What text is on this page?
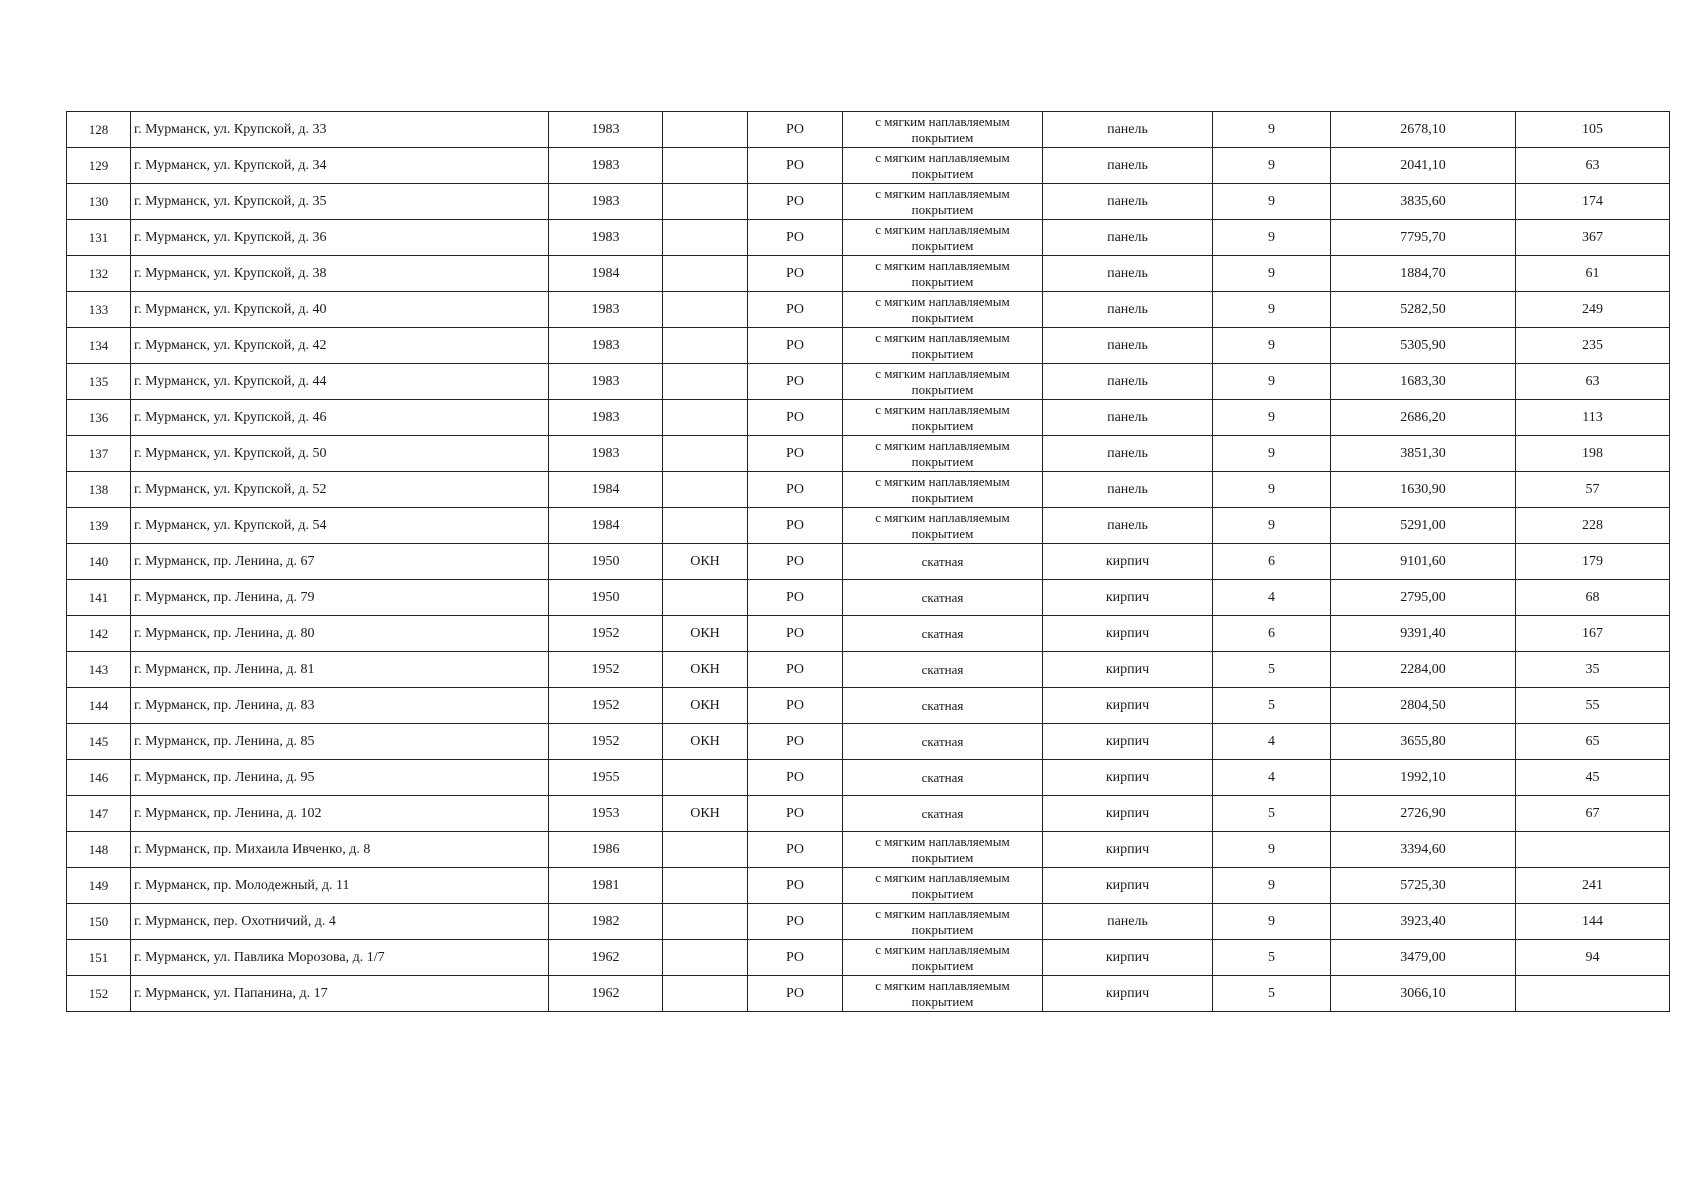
128	г. Мурманск, ул. Крупской, д. 33	1983		РО	с мягким наплавляемым покрытием	панель	9	2678,10	105
129	г. Мурманск, ул. Крупской, д. 34	1983		РО	с мягким наплавляемым покрытием	панель	9	2041,10	63
130	г. Мурманск, ул. Крупской, д. 35	1983		РО	с мягким наплавляемым покрытием	панель	9	3835,60	174
131	г. Мурманск, ул. Крупской, д. 36	1983		РО	с мягким наплавляемым покрытием	панель	9	7795,70	367
132	г. Мурманск, ул. Крупской, д. 38	1984		РО	с мягким наплавляемым покрытием	панель	9	1884,70	61
133	г. Мурманск, ул. Крупской, д. 40	1983		РО	с мягким наплавляемым покрытием	панель	9	5282,50	249
134	г. Мурманск, ул. Крупской, д. 42	1983		РО	с мягким наплавляемым покрытием	панель	9	5305,90	235
135	г. Мурманск, ул. Крупской, д. 44	1983		РО	с мягким наплавляемым покрытием	панель	9	1683,30	63
136	г. Мурманск, ул. Крупской, д. 46	1983		РО	с мягким наплавляемым покрытием	панель	9	2686,20	113
137	г. Мурманск, ул. Крупской, д. 50	1983		РО	с мягким наплавляемым покрытием	панель	9	3851,30	198
138	г. Мурманск, ул. Крупской, д. 52	1984		РО	с мягким наплавляемым покрытием	панель	9	1630,90	57
139	г. Мурманск, ул. Крупской, д. 54	1984		РО	с мягким наплавляемым покрытием	панель	9	5291,00	228
140	г. Мурманск, пр. Ленина, д. 67	1950	ОКН	РО	скатная	кирпич	6	9101,60	179
141	г. Мурманск, пр. Ленина, д. 79	1950		РО	скатная	кирпич	4	2795,00	68
142	г. Мурманск, пр. Ленина, д. 80	1952	ОКН	РО	скатная	кирпич	6	9391,40	167
143	г. Мурманск, пр. Ленина, д. 81	1952	ОКН	РО	скатная	кирпич	5	2284,00	35
144	г. Мурманск, пр. Ленина, д. 83	1952	ОКН	РО	скатная	кирпич	5	2804,50	55
145	г. Мурманск, пр. Ленина, д. 85	1952	ОКН	РО	скатная	кирпич	4	3655,80	65
146	г. Мурманск, пр. Ленина, д. 95	1955		РО	скатная	кирпич	4	1992,10	45
147	г. Мурманск, пр. Ленина, д. 102	1953	ОКН	РО	скатная	кирпич	5	2726,90	67
148	г. Мурманск, пр. Михаила Ивченко, д. 8	1986		РО	с мягким наплавляемым покрытием	кирпич	9	3394,60	
149	г. Мурманск, пр. Молодежный, д. 11	1981		РО	с мягким наплавляемым покрытием	кирпич	9	5725,30	241
150	г. Мурманск, пер. Охотничий, д. 4	1982		РО	с мягким наплавляемым покрытием	панель	9	3923,40	144
151	г. Мурманск, ул. Павлика Морозова, д. 1/7	1962		РО	с мягким наплавляемым покрытием	кирпич	5	3479,00	94
152	г. Мурманск, ул. Папанина, д. 17	1962		РО	с мягким наплавляемым покрытием	кирпич	5	3066,10	
